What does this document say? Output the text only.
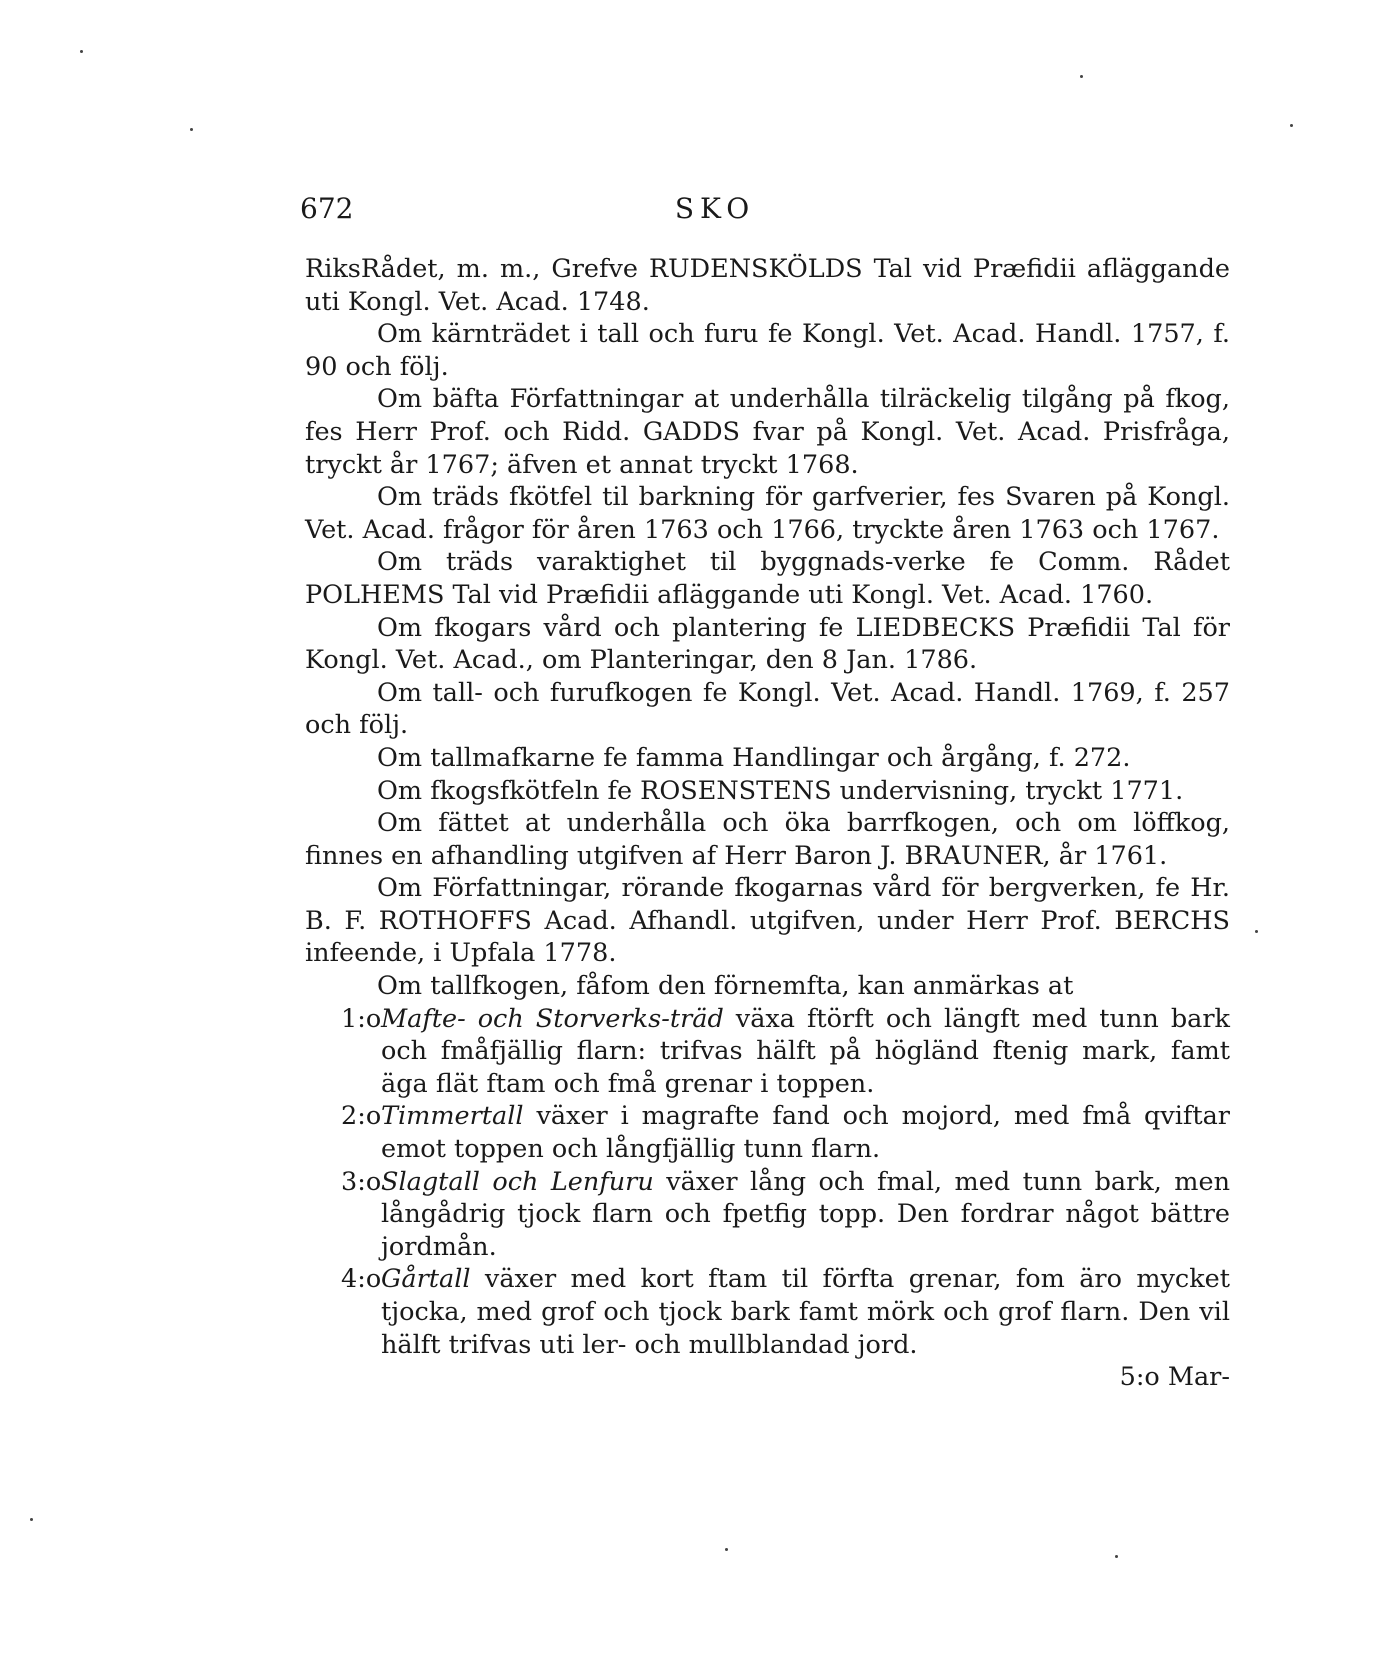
672	SKO
RiksRådet, m. m., Grefve RUDENSKÖLDS Tal vid Præfidii afläggande uti Kongl. Vet. Acad. 1748.
Om kärnträdet i tall och furu fe Kongl. Vet. Acad. Handl. 1757, f. 90 och följ.
Om bäfta Författningar at underhålla tilräckelig tilgång på fkog, fes Herr Prof. och Ridd. GADDS fvar på Kongl. Vet. Acad. Prisfråga, tryckt år 1767; äfven et annat tryckt 1768.
Om träds fkötfel til barkning för garfverier, fes Svaren på Kongl. Vet. Acad. frågor för åren 1763 och 1766, tryckte åren 1763 och 1767.
Om träds varaktighet til byggnads-verke fe Comm. Rådet POLHEMS Tal vid Præfidii afläggande uti Kongl. Vet. Acad. 1760.
Om fkogars vård och plantering fe LIEDBECKS Præfidii Tal för Kongl. Vet. Acad., om Planteringar, den 8 Jan. 1786.
Om tall- och furufkogen fe Kongl. Vet. Acad. Handl. 1769, f. 257 och följ.
Om tallmafkarne fe famma Handlingar och årgång, f. 272.
Om fkogsfkötfeln fe ROSENSTENS undervisning, tryckt 1771.
Om fättet at underhålla och öka barrfkogen, och om löffkog, finnes en afhandling utgifven af Herr Baron J. BRAUNER, år 1761.
Om Författningar, rörande fkogarnas vård för bergverken, fe Hr. B. F. ROTHOFFS Acad. Afhandl. utgifven, under Herr Prof. BERCHS infeende, i Upfala 1778.
Om tallfkogen, fåfom den förnemfta, kan anmärkas at
1:o Mafte- och Storverks-träd växa ftörft och längft med tunn bark och fmåfjällig flarn: trifvas hälft på högländ ftenig mark, famt äga flät ftam och fmå grenar i toppen.
2:o Timmertall växer i magrafte fand och mojord, med fmå qviftar emot toppen och långfjällig tunn flarn.
3:o Slagtall och Lenfuru växer lång och fmal, med tunn bark, men långådrig tjock flarn och fpetfig topp. Den fordrar något bättre jordmån.
4:o Gårtall växer med kort ftam til förfta grenar, fom äro mycket tjocka, med grof och tjock bark famt mörk och grof flarn. Den vil hälft trifvas uti ler- och mullblandad jord.
5:o Mar-
